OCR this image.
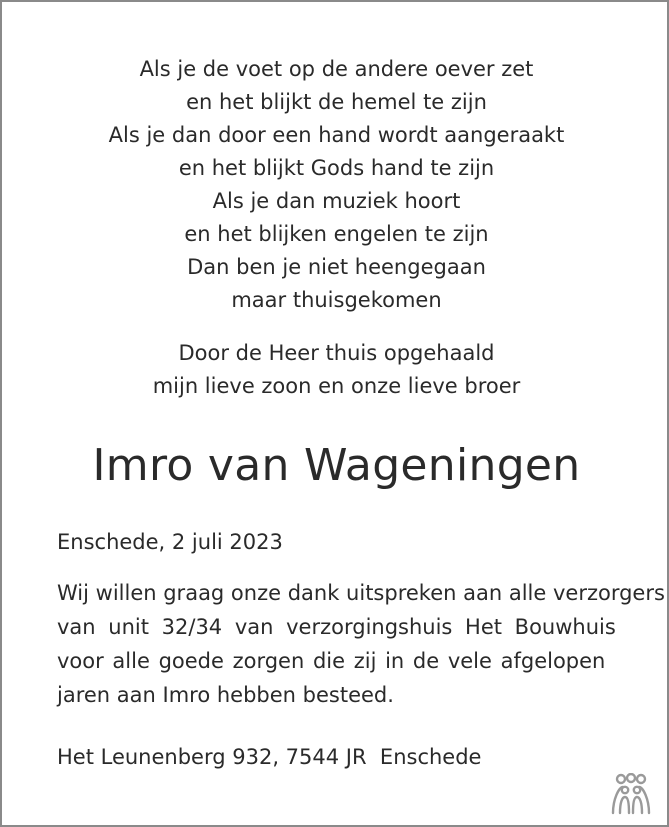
Als je de voet op de andere oever zet
en het blijkt de hemel te zijn
Als je dan door een hand wordt aangeraakt
en het blijkt Gods hand te zijn
Als je dan muziek hoort
en het blijken engelen te zijn
Dan ben je niet heengegaan
maar thuisgekomen
Door de Heer thuis opgehaald
mijn lieve zoon en onze lieve broer
Imro van Wageningen
Enschede, 2 juli 2023
Wij willen graag onze dank uitspreken aan alle verzorgers
van unit 32/34 van verzorgingshuis Het Bouwhuis
voor alle goede zorgen die zij in de vele afgelopen
jaren aan Imro hebben besteed.
Het Leunenberg 932, 7544 JR  Enschede
